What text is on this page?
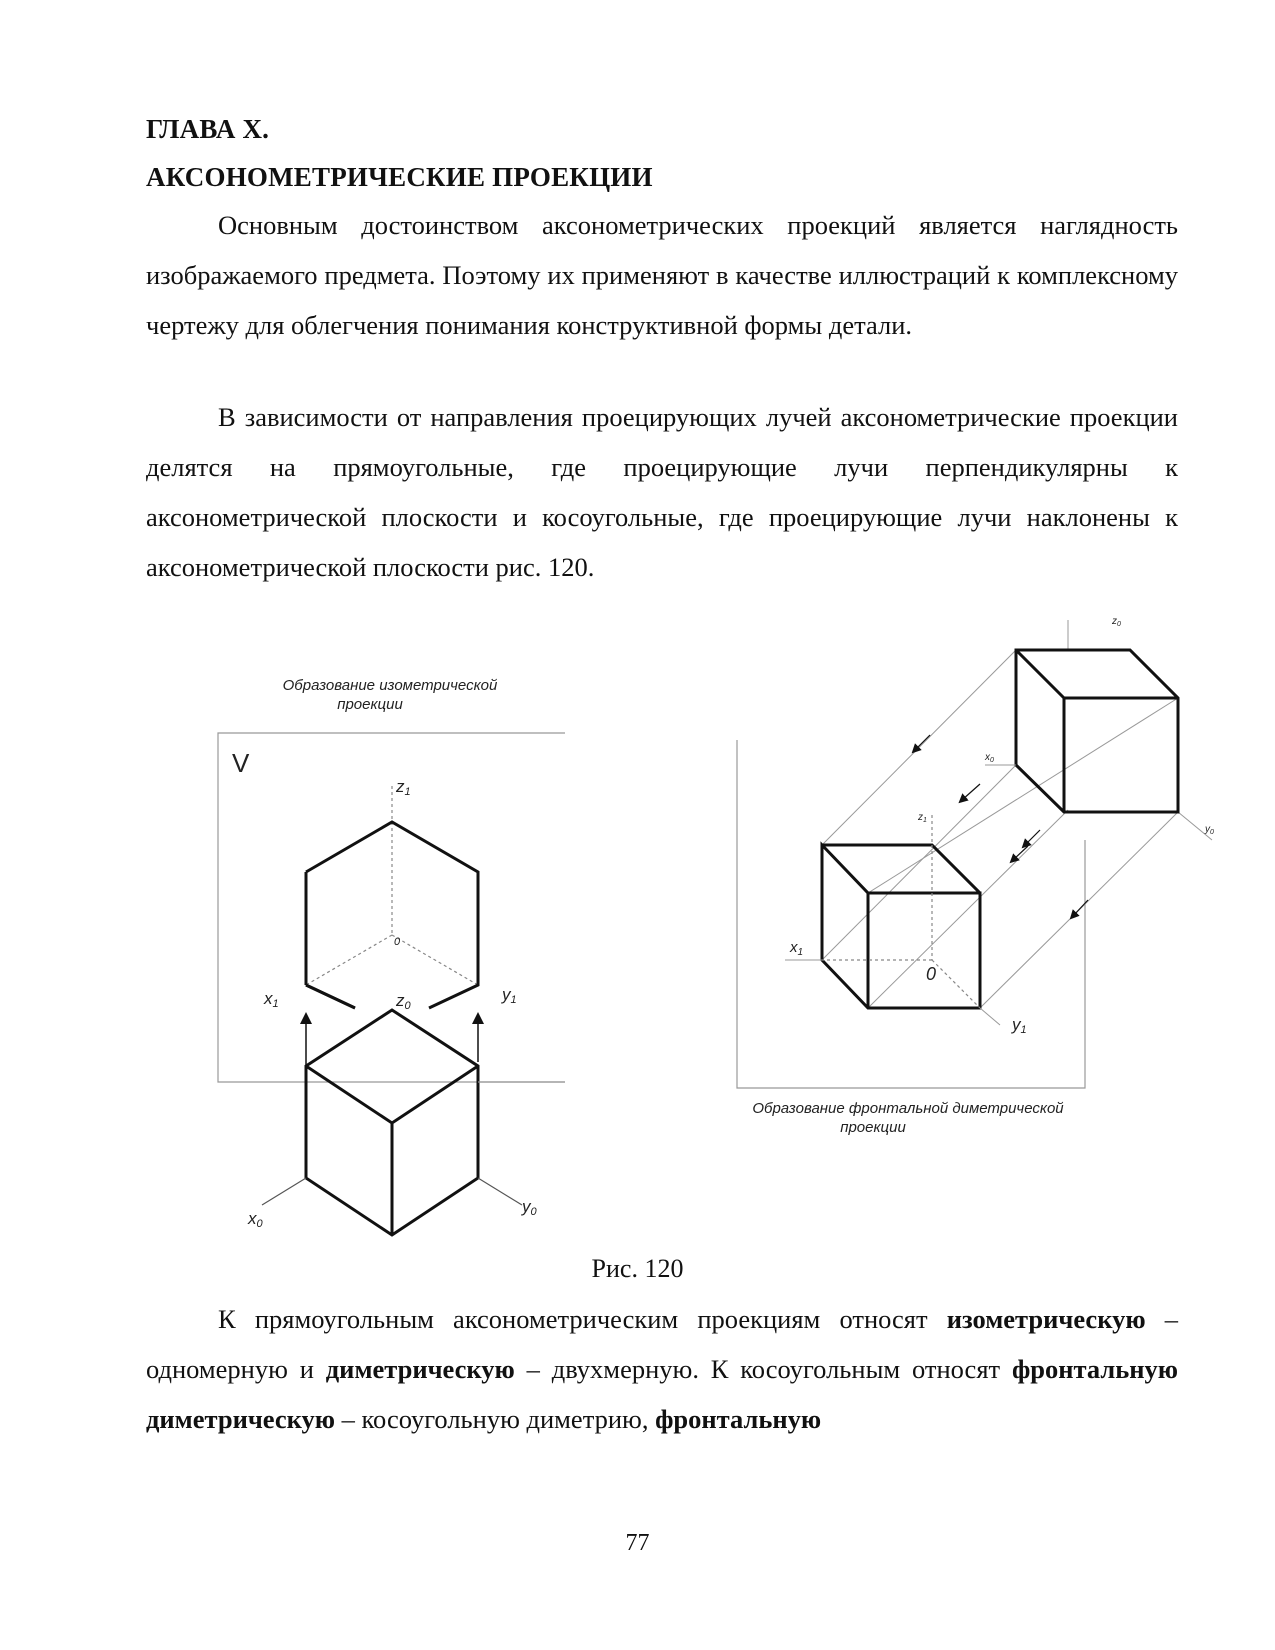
ГЛАВА X.
АКСОНОМЕТРИЧЕСКИЕ ПРОЕКЦИИ
Основным достоинством аксонометрических проекций является наглядность изображаемого предмета. Поэтому их применяют в качестве иллюстраций к комплексному чертежу для облегчения понимания конструктивной формы детали.
В зависимости от направления проецирующих лучей аксонометрические проекции делятся на прямоугольные, где проецирующие лучи перпендикулярны к аксонометрической плоскости и косоугольные, где проецирующие лучи наклонены к аксонометрической плоскости рис. 120.
V
z1
0
x1	y1
z0
x0
y0
Образование изометрической
проекции
$z_0$
$x_0$
$y_0$
$z_1$
$x_1$
0
y1
Образование фронтальной диметрической
проекции
Рис. 120
К прямоугольным аксонометрическим проекциям относят изометрическую –одномерную и диметрическую – двухмерную. К косоугольным относят фронтальную диметрическую – косоугольную диметрию, фронтальную
77
